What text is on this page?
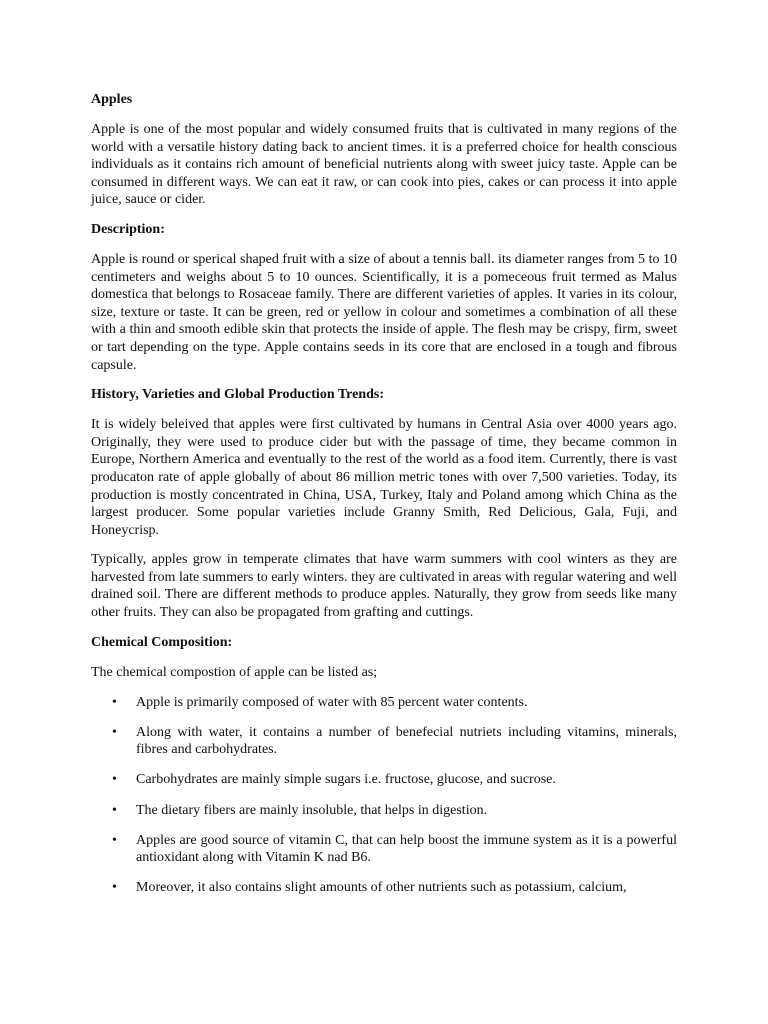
Apples

Apple is one of the most popular and widely consumed fruits that is cultivated in many regions of the world with a versatile history dating back to ancient times. it is a preferred choice for health conscious individuals as it contains rich amount of beneficial nutrients along with sweet juicy taste. Apple can be consumed in different ways. We can eat it raw, or can cook into pies, cakes or can process it into apple juice, sauce or cider.

Description:

Apple is round or sperical shaped fruit with a size of about a tennis ball. its diameter ranges from 5 to 10 centimeters and weighs about 5 to 10 ounces. Scientifically, it is a pomeceous fruit termed as Malus domestica that belongs to Rosaceae family. There are different varieties of apples. It varies in its colour, size, texture or taste. It can be green, red or yellow in colour and sometimes a combination of all these with a thin and smooth edible skin that protects the inside of apple. The flesh may be crispy, firm, sweet or tart depending on the type. Apple contains seeds in its core that are enclosed in a tough and fibrous capsule.

History, Varieties and Global Production Trends:

It is widely beleived that apples were first cultivated by humans in Central Asia over 4000 years ago. Originally, they were used to produce cider but with the passage of time, they became common in Europe, Northern America and eventually to the rest of the world as a food item. Currently, there is vast producaton rate of apple globally of about 86 million metric tones with over 7,500 varieties. Today, its production is mostly concentrated in China, USA, Turkey, Italy and Poland among which China as the largest producer. Some popular varieties include Granny Smith, Red Delicious, Gala, Fuji, and Honeycrisp.

Typically, apples grow in temperate climates that have warm summers with cool winters as they are harvested from late summers to early winters. they are cultivated in areas with regular watering and well drained soil. There are different methods to produce apples. Naturally, they grow from seeds like many other fruits. They can also be propagated from grafting and cuttings.

Chemical Composition:

The chemical compostion of apple can be listed as;

• Apple is primarily composed of water with 85 percent water contents.
• Along with water, it contains a number of benefecial nutriets including vitamins, minerals, fibres and carbohydrates.
• Carbohydrates are mainly simple sugars i.e. fructose, glucose, and sucrose.
• The dietary fibers are mainly insoluble, that helps in digestion.
• Apples are good source of vitamin C, that can help boost the immune system as it is a powerful antioxidant along with Vitamin K nad B6.
• Moreover, it also contains slight amounts of other nutrients such as potassium, calcium,
